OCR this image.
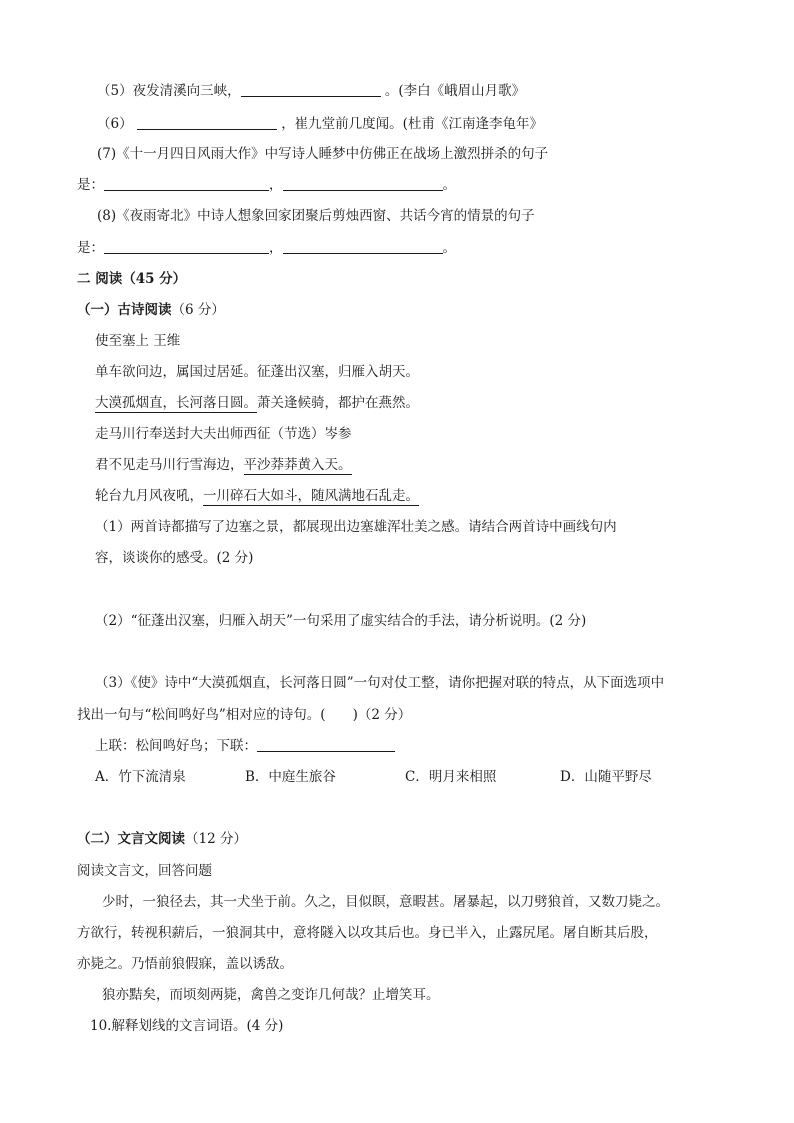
（5）夜发清溪向三峡，	。(李白《峨眉山月歌》
（6）	，崔九堂前几度闻。(杜甫《江南逢李龟年》
(7)《十一月四日风雨大作》中写诗人睡梦中仿佛正在战场上激烈拼杀的句子
是：	，	。
(8)《夜雨寄北》中诗人想象回家团聚后剪烛西窗、共话今宵的情景的句子
是：	，	。
二 阅读（45 分）
（一）古诗阅读（6 分）
使至塞上 王维
单车欲问边，属国过居延。征蓬出汉塞，归雁入胡天。
大漠孤烟直，长河落日圆。萧关逢候骑，都护在燕然。
走马川行奉送封大夫出师西征（节选）岑参
君不见走马川行雪海边，平沙莽莽黄入天。
轮台九月风夜吼，一川碎石大如斗，随风满地石乱走。
（1）两首诗都描写了边塞之景，都展现出边塞雄浑壮美之感。请结合两首诗中画线句内
容，谈谈你的感受。(2 分)
（2）“征蓬出汉塞，归雁入胡天”一句采用了虚实结合的手法，请分析说明。(2 分)
（3）《使》诗中“大漠孤烟直，长河落日圆”一句对仗工整，请你把握对联的特点，从下面选项中
找出一句与“松间鸣好鸟”相对应的诗句。(　　)（2 分）
上联：松间鸣好鸟；下联：
A．竹下流清泉	B．中庭生旅谷	C．明月来相照	D．山随平野尽
（二）文言文阅读（12 分）
阅读文言文，回答问题
少时，一狼径去，其一犬坐于前。久之，目似瞑，意暇甚。屠暴起，以刀劈狼首，又数刀毙之。
方欲行，转视积薪后，一狼洞其中，意将隧入以攻其后也。身已半入，止露尻尾。屠自断其后股，
亦毙之。乃悟前狼假寐，盖以诱敌。
狼亦黠矣，而顷刻两毙，禽兽之变诈几何哉？止增笑耳。
10.解释划线的文言词语。(4 分)
